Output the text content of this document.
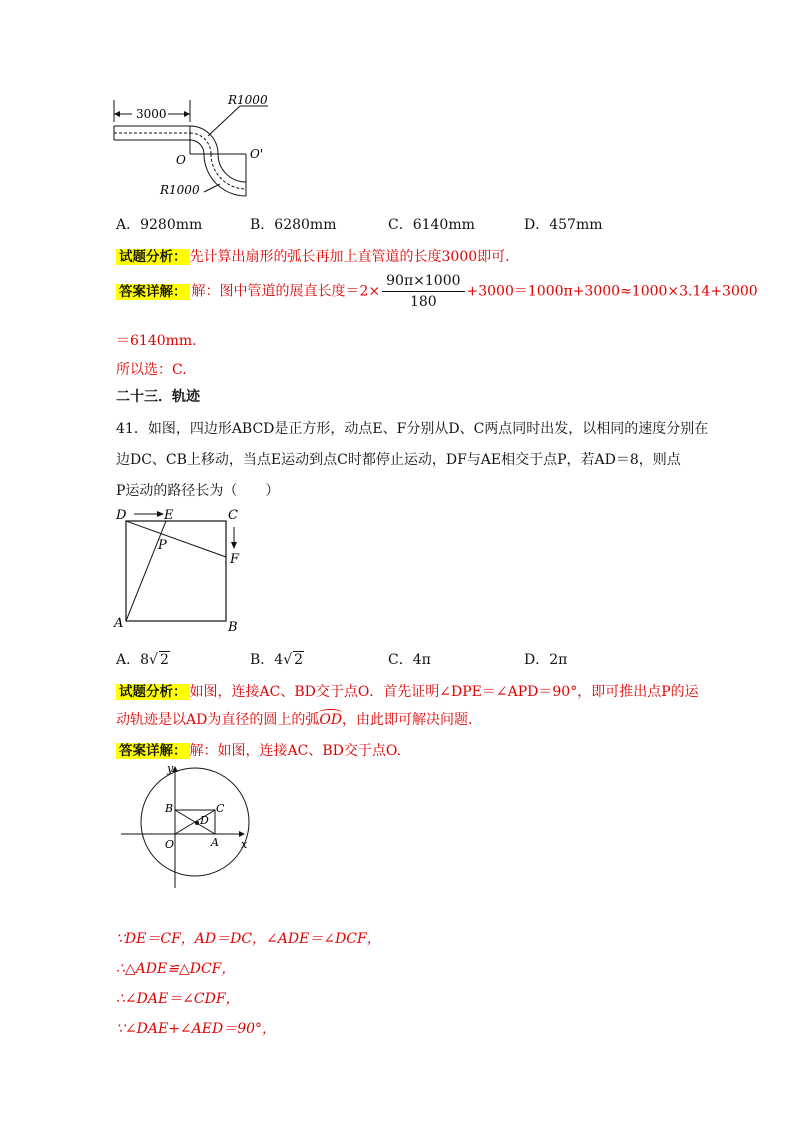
3000
R1000
O	O'
R1000
A．9280mm	B．6280mm	C．6140mm	D．457mm
试题分析： 先计算出扇形的弧长再加上直管道的长度3000即可.
答案详解： 解：图中管道的展直长度$=2\times \frac{90\pi\times 1000}{180} +3000=1000\pi+3000\approx 1000\times 3.14+3000$
＝6140mm.
所以选：C.
二十三．轨迹
41．如图，四边形ABCD是正方形，动点E、F分别从D、C两点同时出发，以相同的速度分别在
边DC、CB上移动，当点E运动到点C时都停止运动，DF与AE相交于点P，若AD＝8，则点
P运动的路径长为（　　）
D	E	C
P
F
A	B
A．8√ 2	B．4√ 2	C．4π	D．2π
试题分析： 如图，连接AC、BD交于点O．首先证明∠DPE＝∠APD＝90°，即可推出点P的运
动轨迹是以AD为直径的圆上的弧OD，由此即可解决问题.
答案详解： 解：如图，连接AC、BD交于点O.
y
x
O
B	C
D
A
∵DE＝CF，AD＝DC，∠ADE＝∠DCF，
∴△ADE≌△DCF，
∴∠DAE＝∠CDF，
∵∠DAE+∠AED＝90°，
